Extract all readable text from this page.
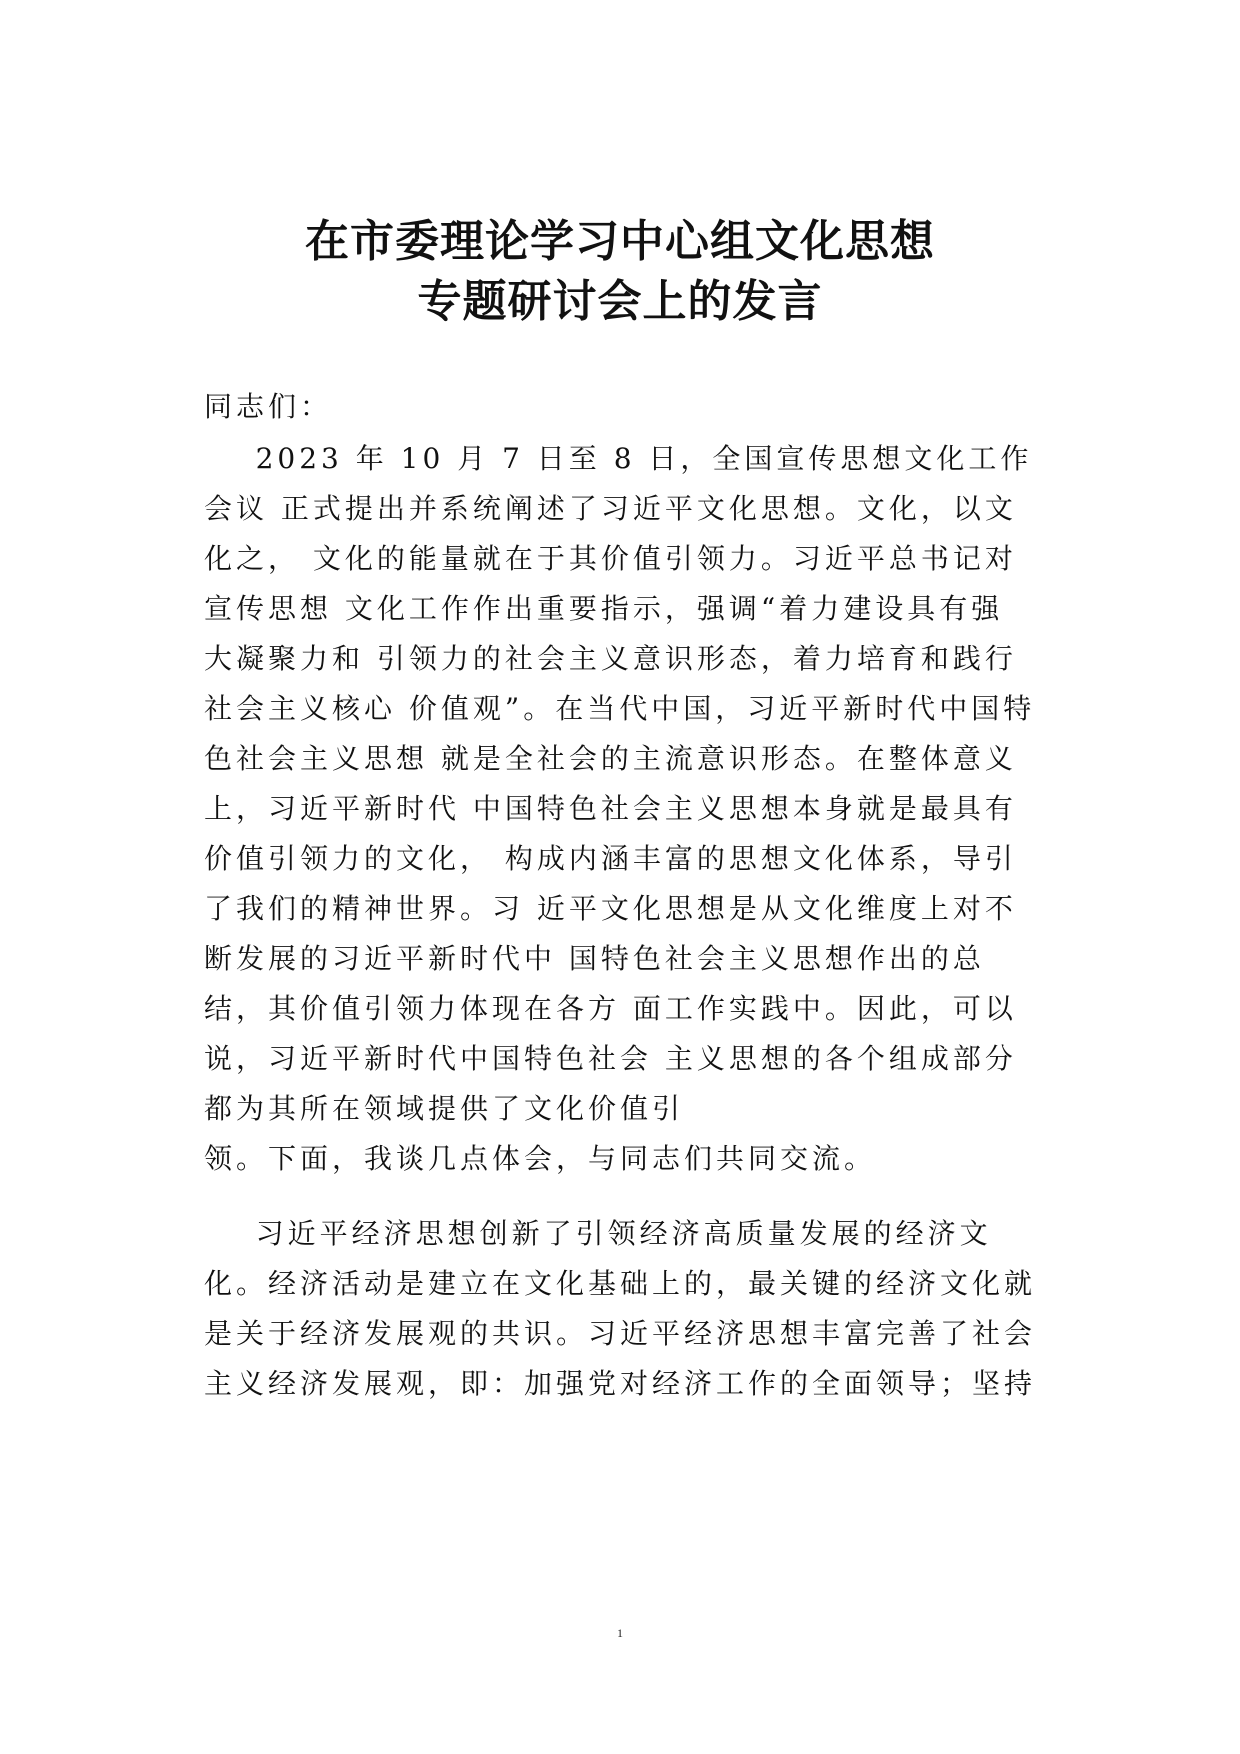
在市委理论学习中心组文化思想
专题研讨会上的发言
同志们：
2023 年 10 月 7 日至 8 日，全国宣传思想文化工作
会议 正式提出并系统阐述了习近平文化思想。文化，以文
化之， 文化的能量就在于其价值引领力。习近平总书记对
宣传思想 文化工作作出重要指示，强调“着力建设具有强
大凝聚力和 引领力的社会主义意识形态，着力培育和践行
社会主义核心 价值观”。在当代中国，习近平新时代中国特
色社会主义思想 就是全社会的主流意识形态。在整体意义
上，习近平新时代 中国特色社会主义思想本身就是最具有
价值引领力的文化， 构成内涵丰富的思想文化体系，导引
了我们的精神世界。习 近平文化思想是从文化维度上对不
断发展的习近平新时代中 国特色社会主义思想作出的总
结，其价值引领力体现在各方 面工作实践中。因此，可以
说，习近平新时代中国特色社会 主义思想的各个组成部分
都为其所在领域提供了文化价值引
领。下面，我谈几点体会，与同志们共同交流。
习近平经济思想创新了引领经济高质量发展的经济文
化。经济活动是建立在文化基础上的，最关键的经济文化就
是关于经济发展观的共识。习近平经济思想丰富完善了社会
主义经济发展观，即：加强党对经济工作的全面领导；坚持
1
